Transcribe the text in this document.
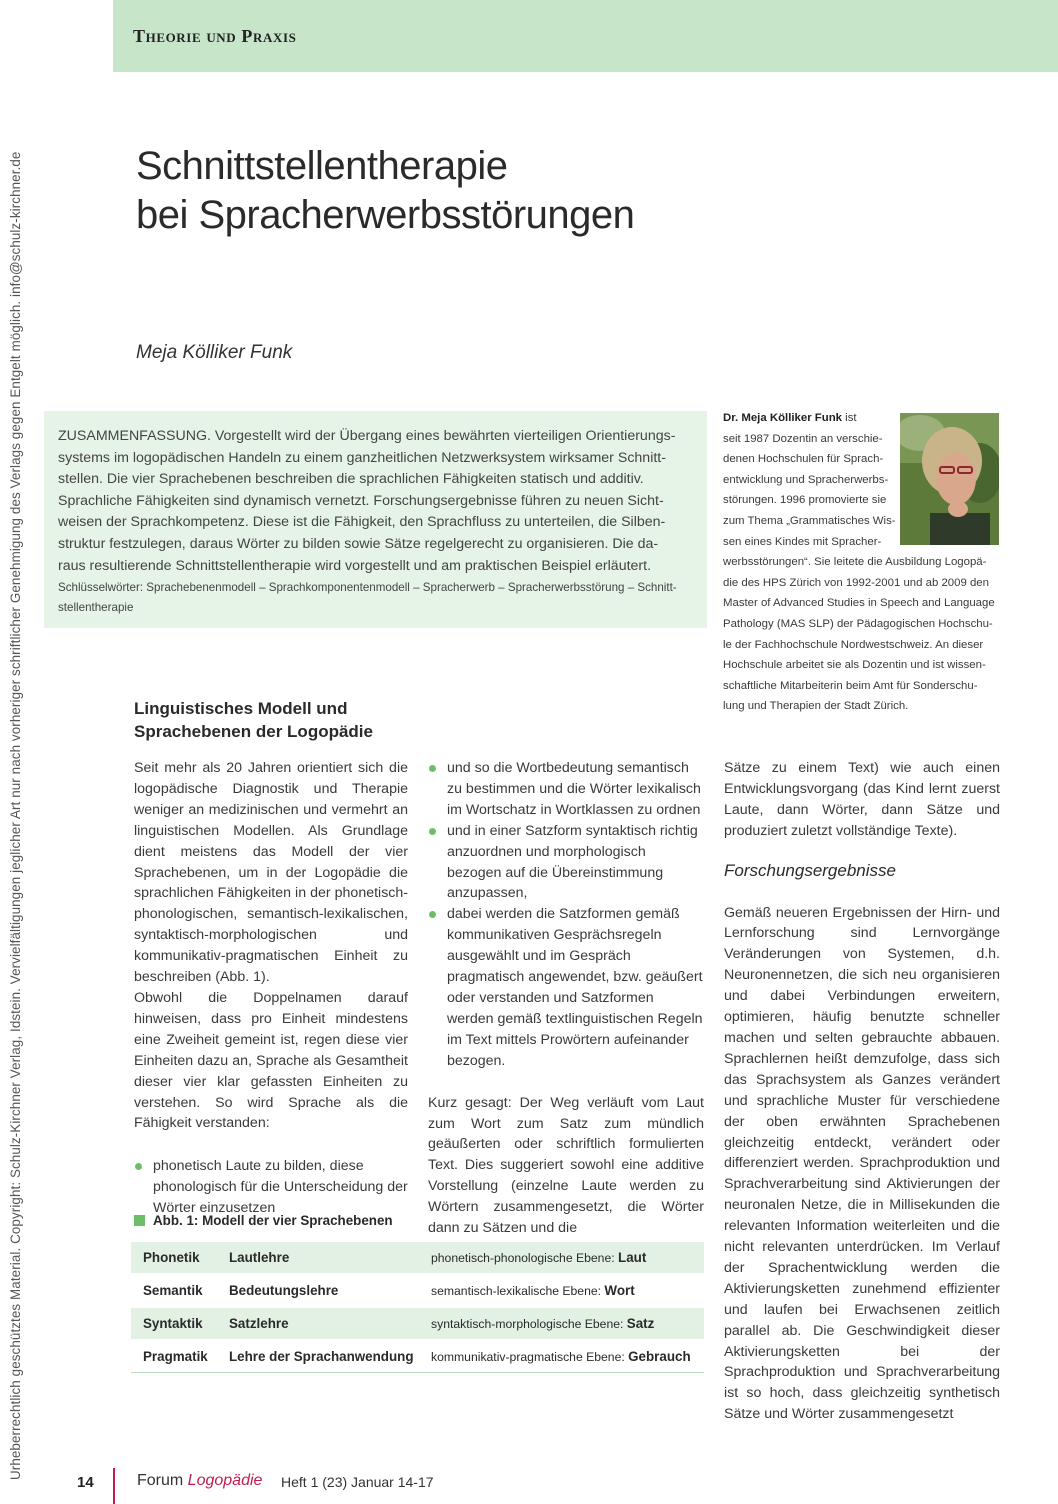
Urheberrechtlich geschütztes Material. Copyright: Schulz-Kirchner Verlag, Idstein. Vervielfältigungen jeglicher Art nur nach vorheriger schriftlicher Genehmigung des Verlags gegen Entgelt möglich. info@schulz-kirchner.de
Theorie und Praxis
Schnittstellentherapie
bei Spracherwerbsstörungen
Meja Kölliker Funk

ZUSAMMENFASSUNG. Vorgestellt wird der Übergang eines bewährten vierteiligen Orientierungs-

systems im logopädischen Handeln zu einem ganzheitlichen Netzwerksystem wirksamer Schnitt-

stellen. Die vier Sprachebenen beschreiben die sprachlichen Fähigkeiten statisch und additiv.

Sprachliche Fähigkeiten sind dynamisch vernetzt. Forschungsergebnisse führen zu neuen Sicht-

weisen der Sprachkompetenz. Diese ist die Fähigkeit, den Sprachfluss zu unterteilen, die Silben-

struktur festzulegen, daraus Wörter zu bilden sowie Sätze regelgerecht zu organisieren. Die da-

raus resultierende Schnittstellentherapie wird vorgestellt und am praktischen Beispiel erläutert.

Schlüsselwörter: Sprachebenenmodell – Sprachkomponentenmodell – Spracherwerb – Spracherwerbsstörung – Schnitt-
stellentherapie
Dr. Meja Kölliker Funk ist
seit 1987 Dozentin an verschie-
denen Hochschulen für Sprach-
entwicklung und Spracherwerbs-
störungen. 1996 promovierte sie
zum Thema „Grammatisches Wis-
sen eines Kindes mit Spracher-
werbsstörungen“. Sie leitete die Ausbildung Logopä-
die des HPS Zürich von 1992-2001 und ab 2009 den
Master of Advanced Studies in Speech and Language
Pathology (MAS SLP) der Pädagogischen Hochschu-
le der Fachhochschule Nordwestschweiz. An dieser
Hochschule arbeitet sie als Dozentin und ist wissen-
schaftliche Mitarbeiterin beim Amt für Sonderschu-
lung und Therapien der Stadt Zürich.
Linguistisches Modell und
Sprachebenen der Logopädie

Seit mehr als 20 Jahren orientiert sich die logopädische Diagnostik und Therapie weniger an medizinischen und vermehrt an linguistischen Modellen. Als Grundlage dient meistens das Modell der vier Sprachebenen, um in der Logopädie die sprachlichen Fähigkeiten in der phonetisch-phonologischen, semantisch-lexikalischen, syntaktisch-morphologischen und kommunikativ-pragmatischen Einheit zu beschreiben (Abb. 1).

Obwohl die Doppelnamen darauf hinweisen, dass pro Einheit mindestens eine Zweiheit gemeint ist, regen diese vier Einheiten dazu an, Sprache als Gesamtheit dieser vier klar gefassten Einheiten zu verstehen. So wird Sprache als die Fähigkeit verstanden:

phonetisch Laute zu bilden, diese phonologisch für die Unterscheidung der Wörter einzusetzen
und so die Wortbedeutung semantisch zu bestimmen und die Wörter lexikalisch im Wortschatz in Wortklassen zu ordnen
und in einer Satzform syntaktisch richtig anzuordnen und morphologisch bezogen auf die Übereinstimmung anzupassen,
dabei werden die Satzformen gemäß kommunikativen Gesprächsregeln ausgewählt und im Gespräch pragmatisch angewendet, bzw. geäußert oder verstanden und Satzformen werden gemäß textlinguistischen Regeln im Text mittels Prowörtern aufeinander bezogen.

Kurz gesagt: Der Weg verläuft vom Laut zum Wort zum Satz zum mündlich geäußerten oder schriftlich formulierten Text. Dies suggeriert sowohl eine additive Vorstellung (einzelne Laute werden zu Wörtern zusammengesetzt, die Wörter dann zu Sätzen und die

Sätze zu einem Text) wie auch einen Entwicklungsvorgang (das Kind lernt zuerst Laute, dann Wörter, dann Sätze und produziert zuletzt vollständige Texte).

Forschungsergebnisse

Gemäß neueren Ergebnissen der Hirn- und Lernforschung sind Lernvorgänge Veränderungen von Systemen, d.h. Neuronennetzen, die sich neu organisieren und dabei Verbindungen erweitern, optimieren, häufig benutzte schneller machen und selten gebrauchte abbauen. Sprachlernen heißt demzufolge, dass sich das Sprachsystem als Ganzes verändert und sprachliche Muster für verschiedene der oben erwähnten Sprachebenen gleichzeitig entdeckt, verändert oder differenziert werden. Sprachproduktion und Sprachverarbeitung sind Aktivierungen der neuronalen Netze, die in Millisekunden die relevanten Information weiterleiten und die nicht relevanten unterdrücken. Im Verlauf der Sprachentwicklung werden die Aktivierungsketten zunehmend effizienter und laufen bei Erwachsenen zeitlich parallel ab. Die Geschwindigkeit dieser Aktivierungsketten bei der Sprachproduktion und Sprachverarbeitung ist so hoch, dass gleichzeitig synthetisch Sätze und Wörter zusammengesetzt

Abb. 1: Modell der vier Sprachebenen
Phonetik	Lautlehre	phonetisch-phonologische Ebene: Laut
Semantik	Bedeutungslehre	semantisch-lexikalische Ebene: Wort
Syntaktik	Satzlehre	syntaktisch-morphologische Ebene: Satz
Pragmatik	Lehre der Sprachanwendung	kommunikativ-pragmatische Ebene: Gebrauch
14	Forum Logopädie Heft 1 (23) Januar 14-17
